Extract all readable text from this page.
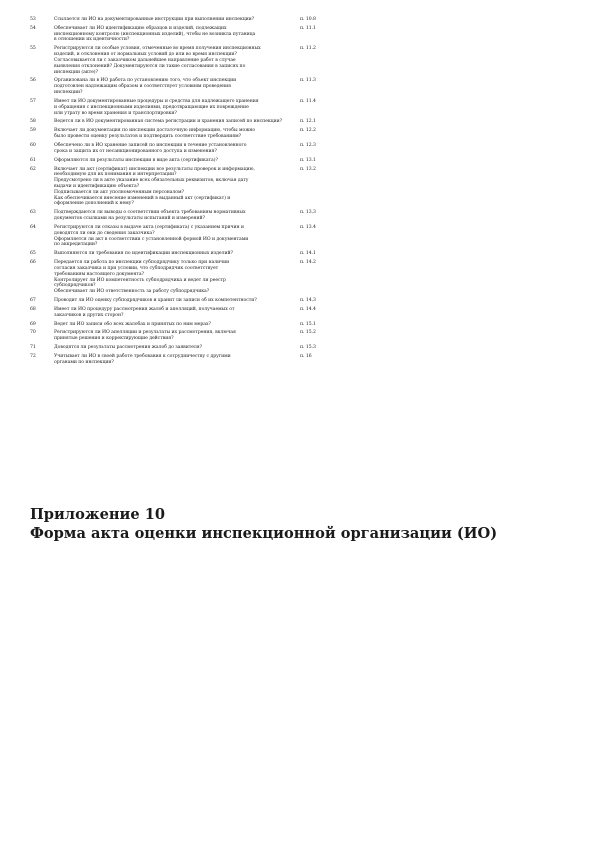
53	Ссылается ли ИО на документированные инструкции при выполнении инспекции?	п. 10.8
54	Обеспечивает ли ИО идентификацию образцов и изделий, подлежащих
инспекционному контролю (инспекционных изделий), чтобы не возникла путаница
в отношении их идентичности?
п. 11.1
55	Регистрируются ли особые условия, отмеченные во время получения инспекционных
изделий, и отклонения от нормальных условий до или во время инспекции?
Согласовывается ли с заказчиком дальнейшее направление работ в случае
выявления отклонений? Документируются ли такие согласования в записях по
инспекции (акте)?
п. 11.2
56	Организована ли в ИО работа по установлению того, что объект инспекции
подготовлен надлежащим образом и соответствует условиям проведения
инспекции?
п. 11.3
57	Имеет ли ИО документированные процедуры и средства для надлежащего хранения
и обращения с инспекционными изделиями, предотвращающие их повреждение
или утрату во время хранения и транспортировки?
п. 11.4
58	Ведется ли в ИО документированная система регистрации и хранения записей по инспекции?	п. 12.1
59	Включает ли документация по инспекции достаточную информацию, чтобы можно
было провести оценку результатов и подтвердить соответствие требованиям?
п. 12.2
60	Обеспечено ли в ИО хранение записей по инспекции в течение установленного
срока и защита их от несанкционированного доступа и изменения?
п. 12.3
61	Оформляются ли результаты инспекции в виде акта (сертификата)?	п. 13.1
62	Включает ли акт (сертификат) инспекции все результаты проверок и информацию,
необходимую для их понимания и интерпретации?
Предусмотрено ли в акте указание всех обязательных реквизитов, включая дату
выдачи и идентификацию объекта?
Подписывается ли акт уполномоченным персоналом?
Как обеспечивается внесение изменений в выданный акт (сертификат) и
оформление дополнений к нему?
п. 13.2
63	Подтверждаются ли выводы о соответствии объекта требованиям нормативных
документов ссылками на результаты испытаний и измерений?
п. 13.3
64	Регистрируются ли отказы в выдаче акта (сертификата) с указанием причин и
доводятся ли они до сведения заказчика?
Оформляется ли акт в соответствии с установленной формой ИО и документами
по аккредитации?
п. 13.4
65	Выполняются ли требования по идентификации инспекционных изделий?	п. 14.1
66	Передается ли работа по инспекции субподрядчику только при наличии
согласия заказчика и при условии, что субподрядчик соответствует
требованиям настоящего документа?
Контролирует ли ИО компетентность субподрядчика и ведет ли реестр
субподрядчиков?
Обеспечивает ли ИО ответственность за работу субподрядчика?
п. 14.2
67	Проводит ли ИО оценку субподрядчиков и хранит ли записи об их компетентности?	п. 14.3
68	Имеет ли ИО процедуру рассмотрения жалоб и апелляций, получаемых от
заказчиков и других сторон?
п. 14.4
69	Ведет ли ИО записи обо всех жалобах и принятых по ним мерах?	п. 15.1
70	Регистрируются ли ИО апелляции и результаты их рассмотрения, включая
принятые решения и корректирующие действия?
п. 15.2
71	Доводятся ли результаты рассмотрения жалоб до заявителя?	п. 15.3
72	Учитывает ли ИО в своей работе требования к сотрудничеству с другими
органами по инспекции?
п. 16
Приложение 10
Форма акта оценки инспекционной организации (ИО)
